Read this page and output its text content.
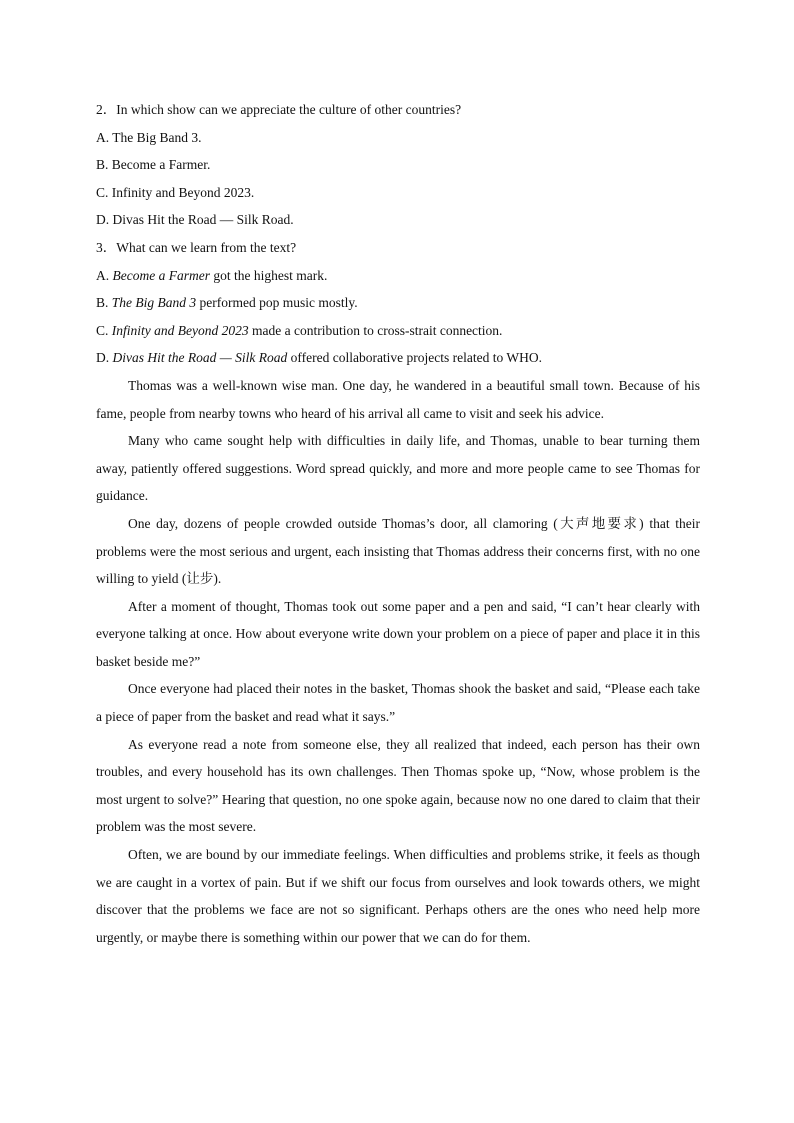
2．In which show can we appreciate the culture of other countries?

A. The Big Band 3.

B. Become a Farmer.

C. Infinity and Beyond 2023.

D. Divas Hit the Road — Silk Road.

3．What can we learn from the text?

A. Become a Farmer got the highest mark.

B. The Big Band 3 performed pop music mostly.

C. Infinity and Beyond 2023 made a contribution to cross-strait connection.

D. Divas Hit the Road — Silk Road offered collaborative projects related to WHO.

Thomas was a well-known wise man. One day, he wandered in a beautiful small town. Because of his fame, people from nearby towns who heard of his arrival all came to visit and seek his advice.

Many who came sought help with difficulties in daily life, and Thomas, unable to bear turning them away, patiently offered suggestions. Word spread quickly, and more and more people came to see Thomas for guidance.

One day, dozens of people crowded outside Thomas’s door, all clamoring (大声地要求) that their problems were the most serious and urgent, each insisting that Thomas address their concerns first, with no one willing to yield (让步).

After a moment of thought, Thomas took out some paper and a pen and said, “I can’t hear clearly with everyone talking at once. How about everyone write down your problem on a piece of paper and place it in this basket beside me?”

Once everyone had placed their notes in the basket, Thomas shook the basket and said, “Please each take a piece of paper from the basket and read what it says.”

As everyone read a note from someone else, they all realized that indeed, each person has their own troubles, and every household has its own challenges. Then Thomas spoke up, “Now, whose problem is the most urgent to solve?” Hearing that question, no one spoke again, because now no one dared to claim that their problem was the most severe.

Often, we are bound by our immediate feelings. When difficulties and problems strike, it feels as though we are caught in a vortex of pain. But if we shift our focus from ourselves and look towards others, we might discover that the problems we face are not so significant. Perhaps others are the ones who need help more urgently, or maybe there is something within our power that we can do for them.
